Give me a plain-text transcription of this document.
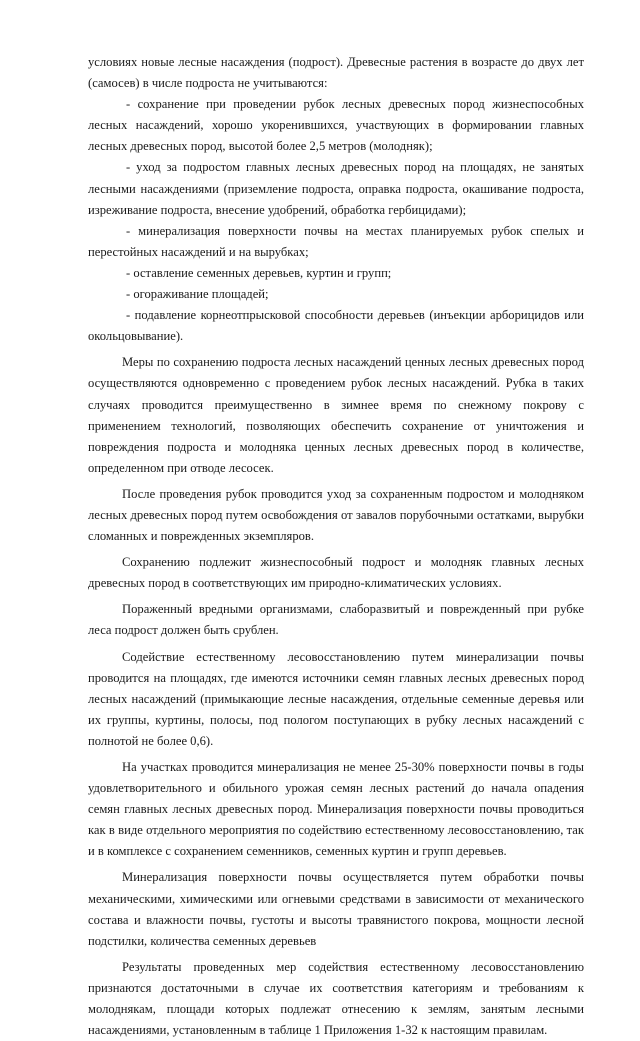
условиях новые лесные насаждения (подрост). Древесные растения в возрасте до двух лет (самосев) в числе подроста не учитываются:

- сохранение при проведении рубок лесных древесных пород жизнеспособных лесных насаждений, хорошо укоренившихся, участвующих в формировании главных лесных древесных пород, высотой более 2,5 метров (молодняк);

- уход за подростом главных лесных древесных пород на площадях, не занятых лесными насаждениями (приземление подроста, оправка подроста, окашивание подроста, изреживание подроста, внесение удобрений, обработка гербицидами);

- минерализация поверхности почвы на местах планируемых рубок спелых и перестойных насаждений и на вырубках;

- оставление семенных деревьев, куртин и групп;

- огораживание площадей;

- подавление корнеотпрысковой способности деревьев (инъекции арборицидов или окольцовывание).

Меры по сохранению подроста лесных насаждений ценных лесных древесных пород осуществляются одновременно с проведением рубок лесных насаждений. Рубка в таких случаях проводится преимущественно в зимнее время по снежному покрову с применением технологий, позволяющих обеспечить сохранение от уничтожения и повреждения подроста и молодняка ценных лесных древесных пород в количестве, определенном при отводе лесосек.

После проведения рубок проводится уход за сохраненным подростом и молодняком лесных древесных пород путем освобождения от завалов порубочными остатками, вырубки сломанных и поврежденных экземпляров.

Сохранению подлежит жизнеспособный подрост и молодняк главных лесных древесных пород в соответствующих им природно-климатических условиях.

Пораженный вредными организмами, слаборазвитый и поврежденный при рубке леса подрост должен быть срублен.

Содействие естественному лесовосстановлению путем минерализации почвы проводится на площадях, где имеются источники семян главных лесных древесных пород лесных насаждений (примыкающие лесные насаждения, отдельные семенные деревья или их группы, куртины, полосы, под пологом поступающих в рубку лесных насаждений с полнотой не более 0,6).

На участках проводится минерализация не менее 25-30% поверхности почвы в годы удовлетворительного и обильного урожая семян лесных растений до начала опадения семян главных лесных древесных пород. Минерализация поверхности почвы проводиться как в виде отдельного мероприятия по содействию естественному лесовосстановлению, так и в комплексе с сохранением семенников, семенных куртин и групп деревьев.

Минерализация поверхности почвы осуществляется путем обработки почвы механическими, химическими или огневыми средствами в зависимости от механического состава и влажности почвы, густоты и высоты травянистого покрова, мощности лесной подстилки, количества семенных деревьев

Результаты проведенных мер содействия естественному лесовосстановлению признаются достаточными в случае их соответствия категориям и требованиям к молоднякам, площади которых подлежат отнесению к землям, занятым лесными насаждениями, установленным в таблице 1 Приложения 1-32 к настоящим правилам.
